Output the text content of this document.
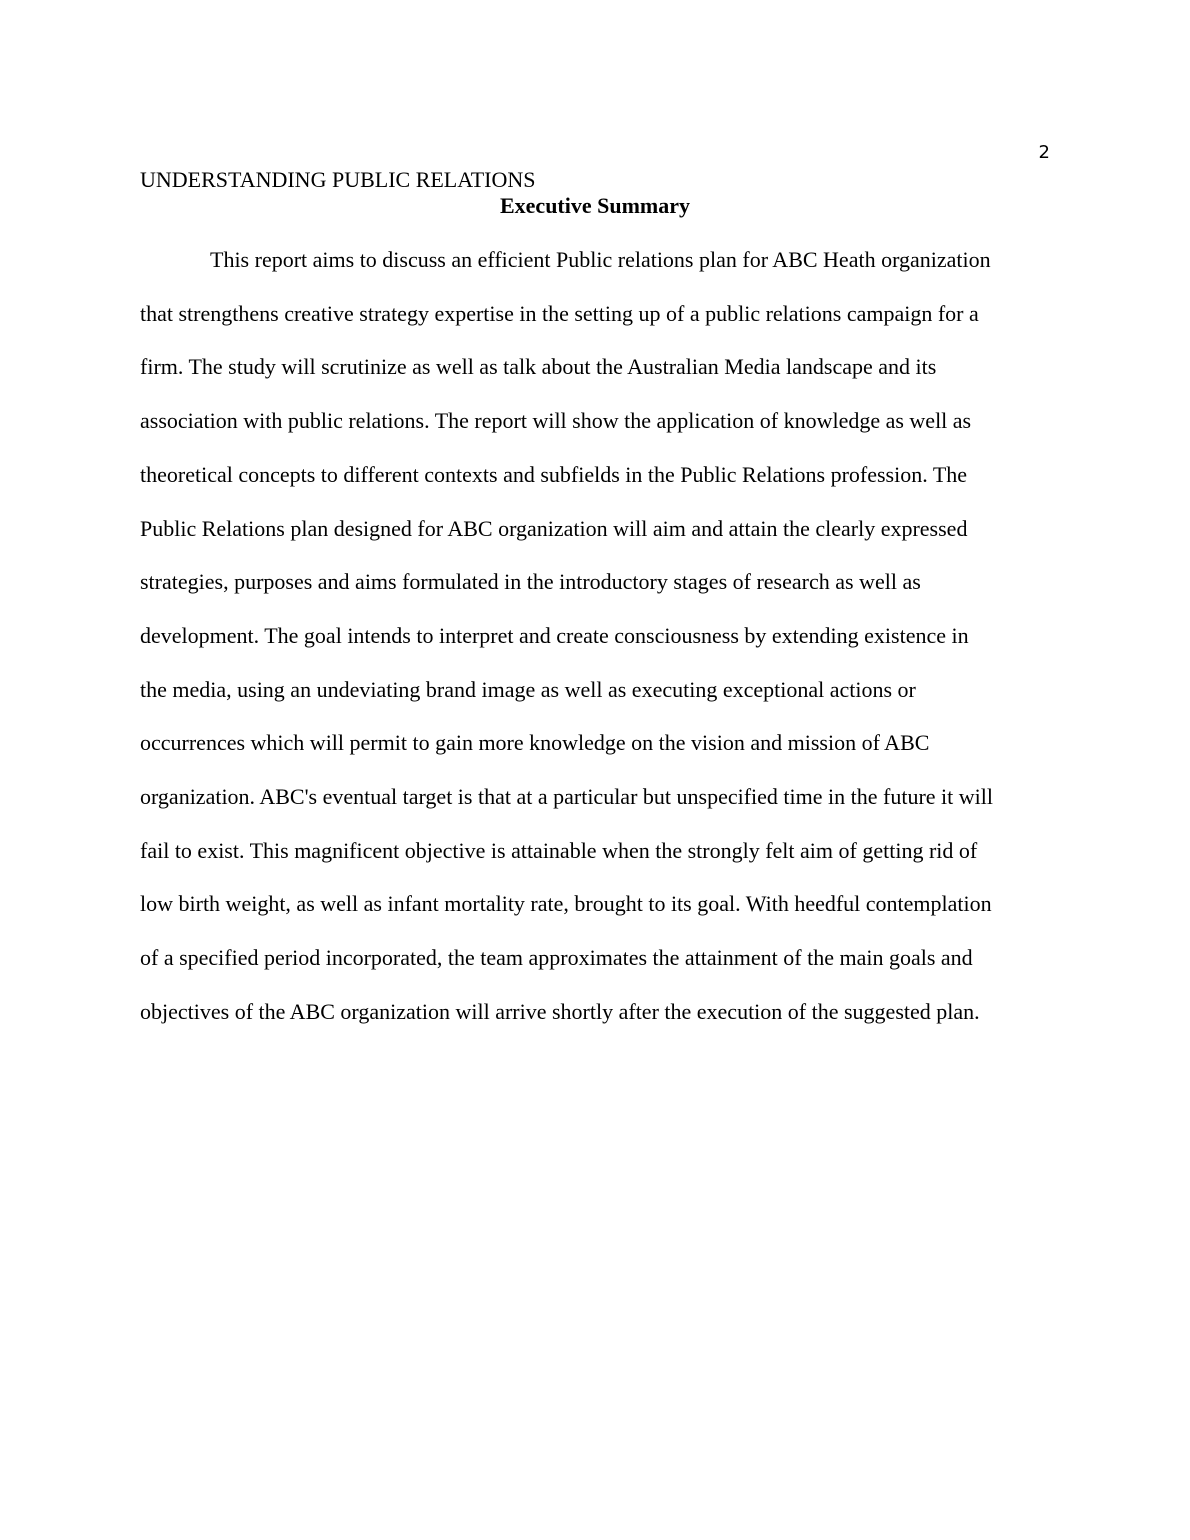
2
UNDERSTANDING PUBLIC RELATIONS
Executive Summary
This report aims to discuss an efficient Public relations plan for ABC Heath organization
that strengthens creative strategy expertise in the setting up of a public relations campaign for a
firm. The study will scrutinize as well as talk about the Australian Media landscape and its
association with public relations. The report will show the application of knowledge as well as
theoretical concepts to different contexts and subfields in the Public Relations profession. The
Public Relations plan designed for ABC organization will aim and attain the clearly expressed
strategies, purposes and aims formulated in the introductory stages of research as well as
development. The goal intends to interpret and create consciousness by extending existence in
the media, using an undeviating brand image as well as executing exceptional actions or
occurrences which will permit to gain more knowledge on the vision and mission of ABC
organization. ABC's eventual target is that at a particular but unspecified time in the future it will
fail to exist. This magnificent objective is attainable when the strongly felt aim of getting rid of
low birth weight, as well as infant mortality rate, brought to its goal. With heedful contemplation
of a specified period incorporated, the team approximates the attainment of the main goals and
objectives of the ABC organization will arrive shortly after the execution of the suggested plan.
